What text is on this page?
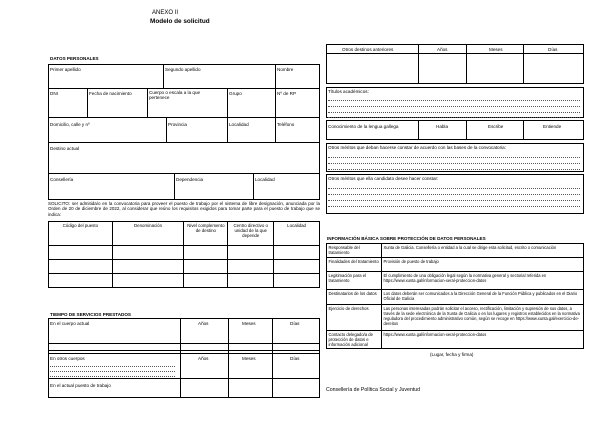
ANEXO II
Modelo de solicitud
DATOS PERSONALES
Primer apellido	Segundo apellido	Nombre
DNI	Fecha de nacimiento	Cuerpo o escala a la que pertenece
Grupo	Nº de RP
Domicilio, calle y nº	Provincia	Localidad	Teléfono
Destino actual
Consellería	Dependencia	Localidad
SOLICITO: ser admitida/o en la convocatoria para proveer el puesto de trabajo por el sistema de libre designación, anunciada por la Orden de 20 de diciembre de 2022, al considerar que reúno los requisitos exigidos para tomar parte para el puesto de trabajo que se indica:
Código del puesto	Denominación	Nivel complemento de destino	Centro directivo o unidad de la que depende	Localidad

TIEMPO DE SERVICIOS PRESTADOS
En el cuerpo actual	Años	Meses	Días
En otros cuerpos	Años	Meses	Días
En el actual puesto de trabajo
Otros destinos anteriores	Años	Meses	Días
Títulos académicos:
Conocimiento de la lengua gallega	Habla	Escribe	Entiende
Otros méritos que deban hacerse constar de acuerdo con las bases de la convocatoria:
Otros méritos que ella candidato desee hacer constar:
INFORMACIÓN BÁSICA SOBRE PROTECCIÓN DE DATOS PERSONALES
Responsable del tratamiento	Xunta de Galicia. Consellería o entidad a la cual se dirige esta solicitud, escrito o comunicación
Finalidades del tratamiento	Provisión de puesto de trabajo
Legitimación para el tratamiento	El cumplimiento de una obligación legal según la normativa general y sectorial referida en https://www.xunta.gal/informacion-xeral-proteccion-datos
Destinatarios de los datos	Los datos deberán ser comunicados a la Dirección General de la Función Pública y publicados en el Diario Oficial de Galicia
Ejercicio de derechos	Las personas interesadas podrán solicitar el acceso, rectificación, limitación y supresión de sus datos, a través de la sede electrónica de la Xunta de Galicia o en los lugares y registros establecidos en la normativa reguladora del procedimiento administrativo común, según se recoge en https://www.xunta.gal/exercicio-de-dereitos
Contacto delegado/a de protección de datos e información adicional	https://www.xunta.gal/informacion-xeral-proteccion-datos
(Lugar, fecha y firma)
Consellería de Política Social y Juventud
